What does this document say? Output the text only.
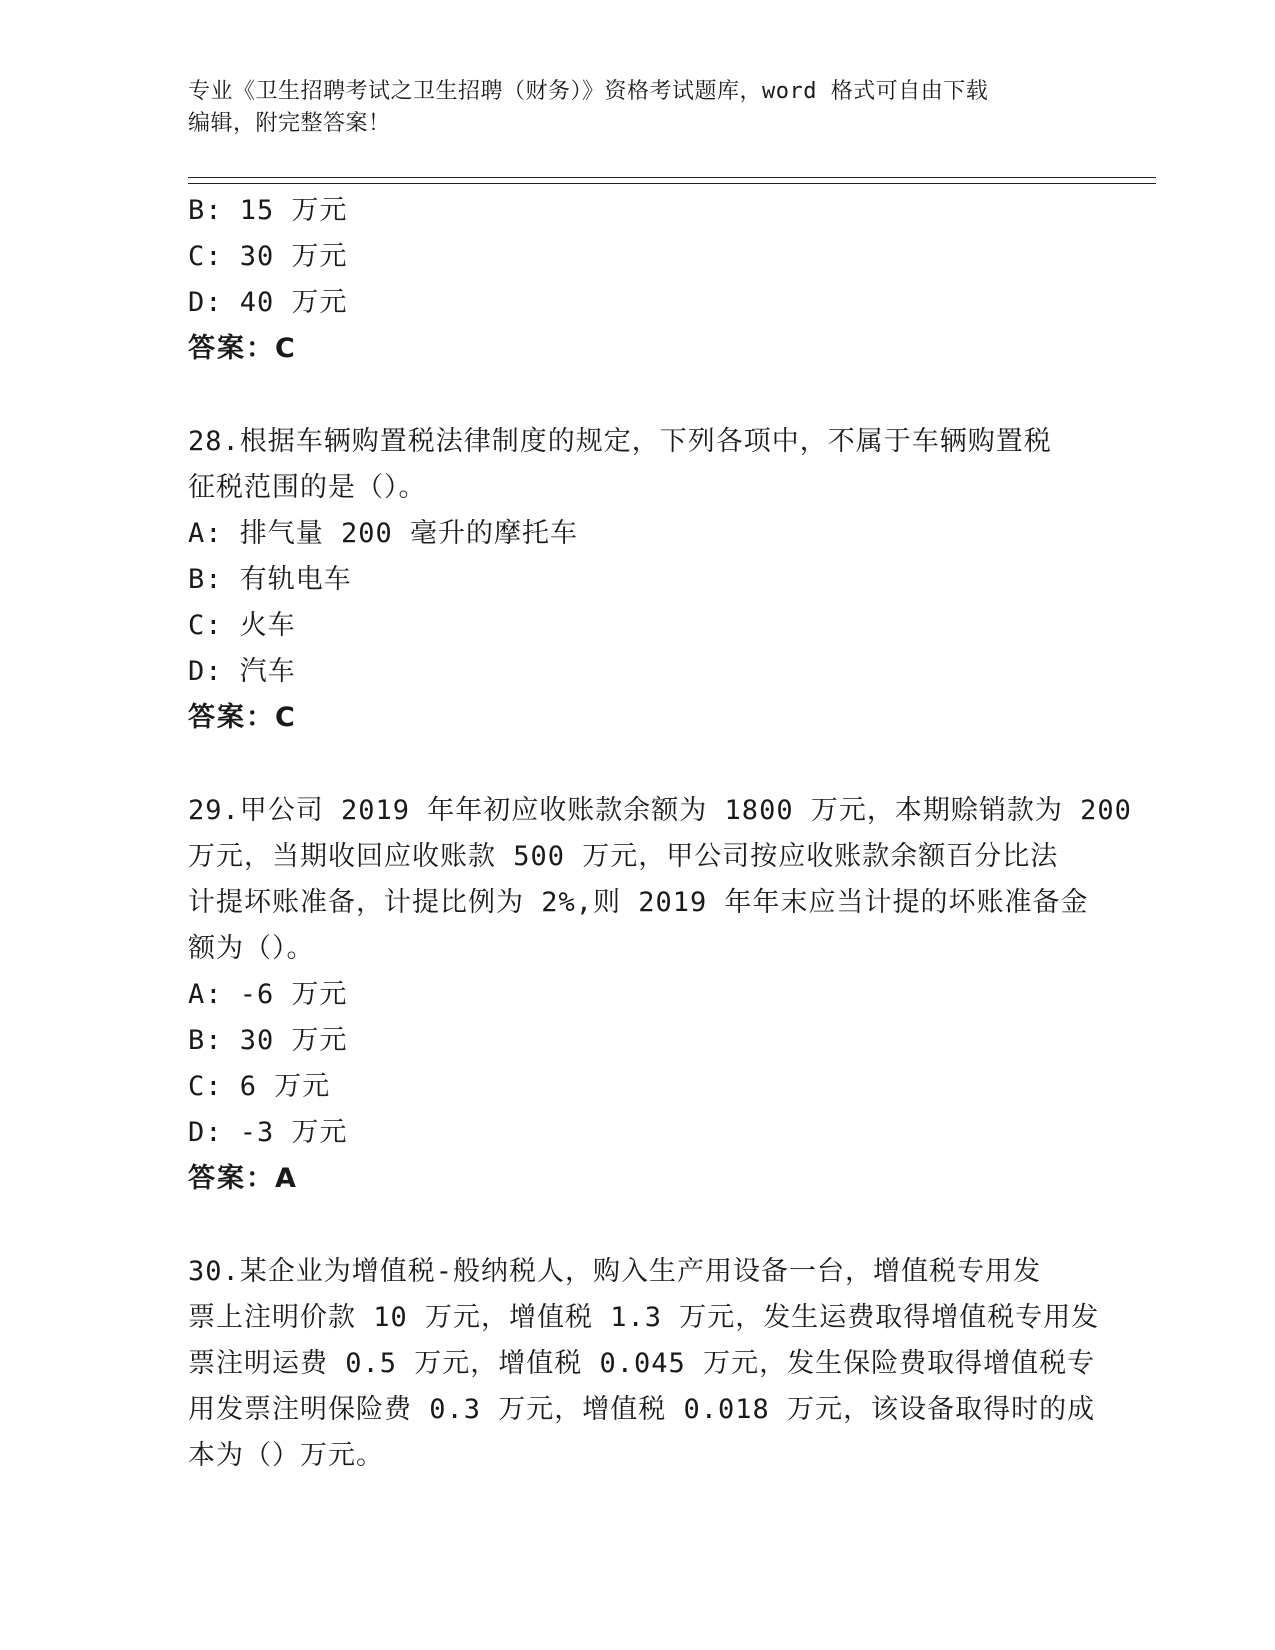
专业《卫生招聘考试之卫生招聘（财务）》资格考试题库，word 格式可自由下载
编辑，附完整答案！
B: 15 万元
C: 30 万元
D: 40 万元
答案：C
28.根据车辆购置税法律制度的规定，下列各项中，不属于车辆购置税
征税范围的是（）。
A: 排气量 200 毫升的摩托车
B: 有轨电车
C: 火车
D: 汽车
答案：C
29.甲公司 2019 年年初应收账款余额为 1800 万元，本期赊销款为 200
万元，当期收回应收账款 500 万元，甲公司按应收账款余额百分比法
计提坏账准备，计提比例为 2%,则 2019 年年末应当计提的坏账准备金
额为（）。
A: -6 万元
B: 30 万元
C: 6 万元
D: -3 万元
答案：A
30.某企业为增值税-般纳税人，购入生产用设备一台，增值税专用发
票上注明价款 10 万元，增值税 1.3 万元，发生运费取得增值税专用发
票注明运费 0.5 万元，增值税 0.045 万元，发生保险费取得增值税专
用发票注明保险费 0.3 万元，增值税 0.018 万元，该设备取得时的成
本为（）万元。
